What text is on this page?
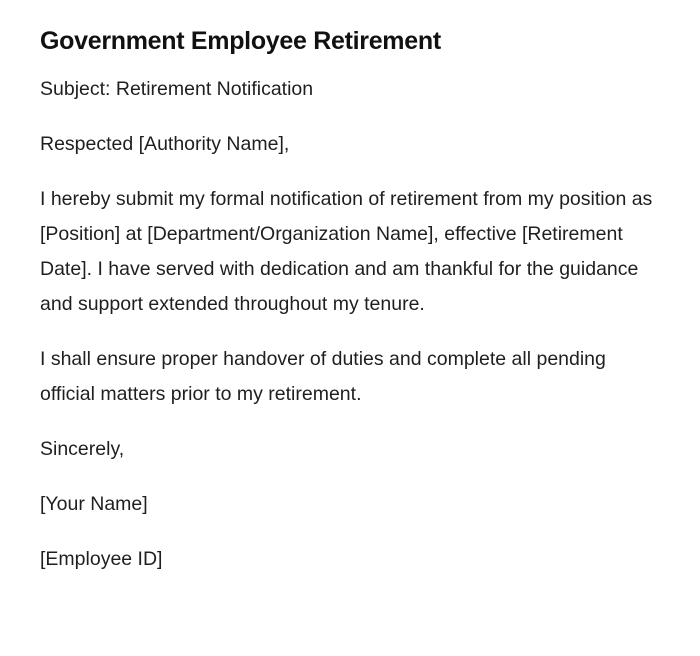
Government Employee Retirement

Subject: Retirement Notification

Respected [Authority Name],

I hereby submit my formal notification of retirement from my position as [Position] at [Department/Organization Name], effective [Retirement Date]. I have served with dedication and am thankful for the guidance and support extended throughout my tenure.

I shall ensure proper handover of duties and complete all pending official matters prior to my retirement.

Sincerely,

[Your Name]

[Employee ID]
